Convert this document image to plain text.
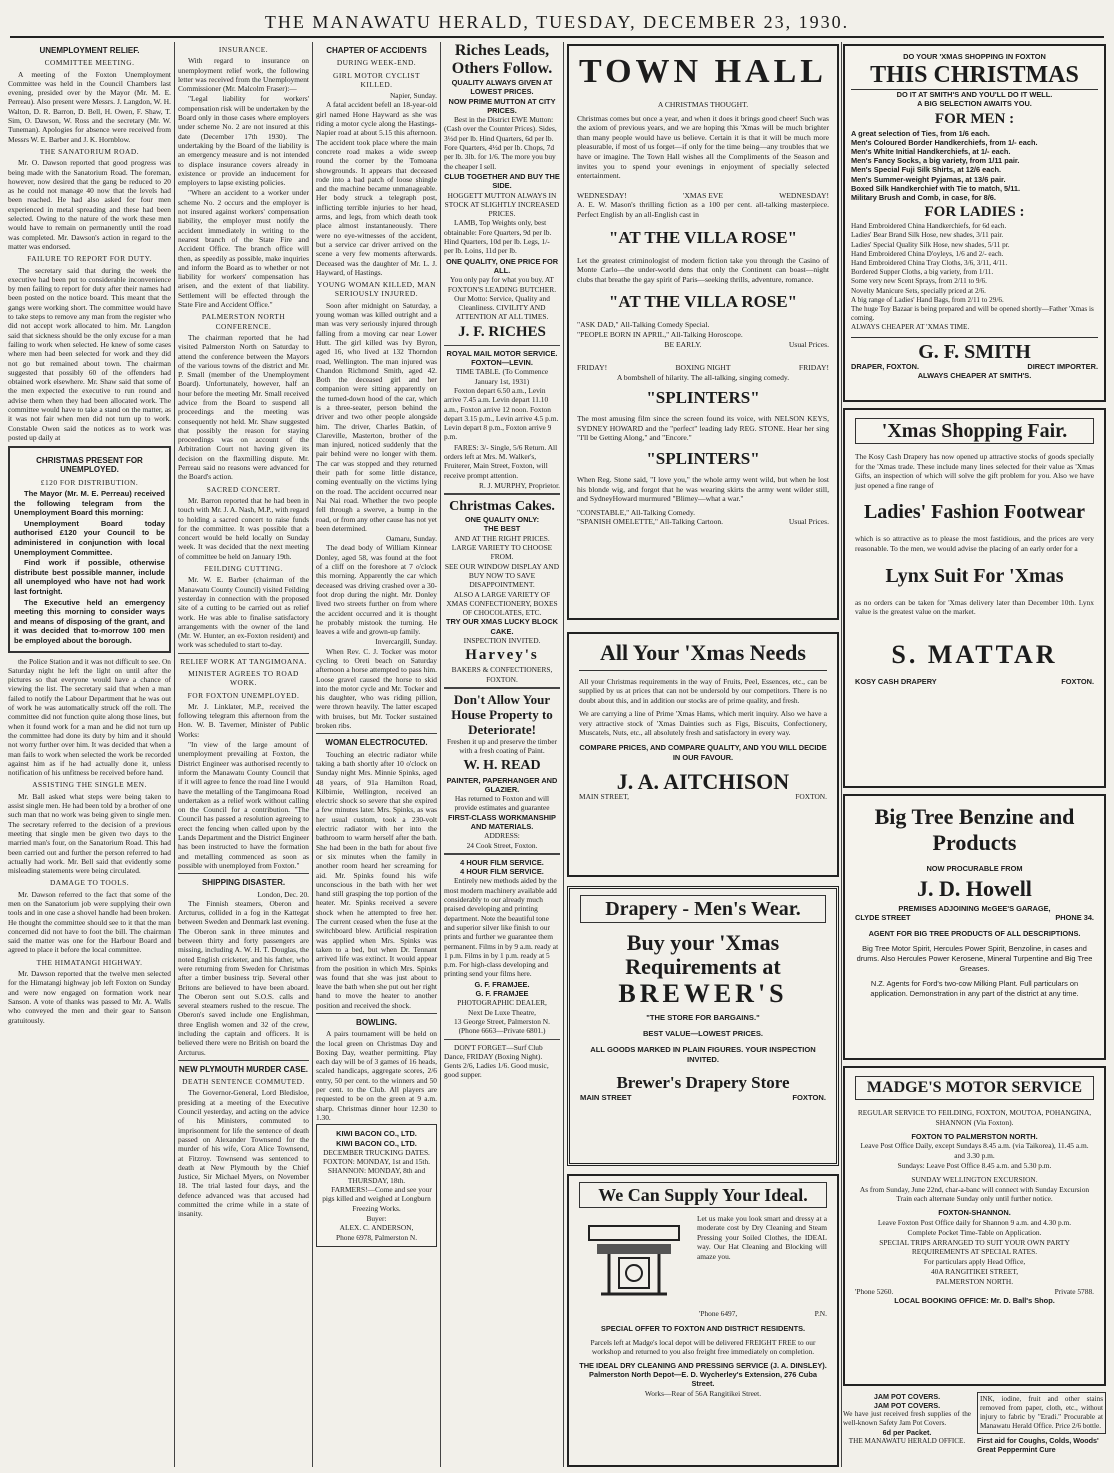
THE MANAWATU HERALD, TUESDAY, DECEMBER 23, 1930.
UNEMPLOYMENT RELIEF.
COMMITTEE MEETING.

A meeting of the Foxton Unemployment Committee was held in the Council Chambers last evening, presided over by the Mayor (Mr. M. E. Perreau). Also present were Messrs. J. Langdon, W. H. Walton, D. R. Barron, D. Bell, H. Owen, F. Shaw, T. Sim, O. Dawson, W. Ross and the secretary (Mr. W. Tuneman). Apologies for absence were received from Messrs W. E. Barber and J. K. Hornblow.

THE SANATORIUM ROAD.

Mr. O. Dawson reported that good progress was being made with the Sanatorium Road. The foreman, however, now desired that the gang be reduced to 20 as he could not manage 40 now that the levels had been reached. He had also asked for four men experienced in metal spreading and these had been selected. Owing to the nature of the work these men would have to remain on permanently until the road was completed. Mr. Dawson's action in regard to the matter was endorsed.

FAILURE TO REPORT FOR DUTY.

The secretary said that during the week the executive had been put to considerable inconvenience by men failing to report for duty after their names had been posted on the notice board. This meant that the gangs were working short. The committee would have to take steps to remove any man from the register who did not accept work allocated to him. Mr. Langdon said that sickness should be the only excuse for a man failing to work when selected. He knew of some cases where men had been selected for work and they did not go but remained about town. The chairman suggested that possibly 60 of the offenders had obtained work elsewhere. Mr. Shaw said that some of the men expected the executive to run round and advise them when they had been allocated work. The committee would have to take a stand on the matter, as it was not fair when men did not turn up to work. Constable Owen said the notices as to work was posted up daily at

CHRISTMAS PRESENT FOR UNEMPLOYED.
£120 FOR DISTRIBUTION.

The Mayor (Mr. M. E. Perreau) received the following telegram from the Unemployment Board this morning:

Unemployment Board today authorised £120 your Council to be administered in conjunction with local Unemployment Committee.

Find work if possible, otherwise distribute best possible manner, include all unemployed who have not had work last fortnight.

The Executive held an emergency meeting this morning to consider ways and means of disposing of the grant, and it was decided that to-morrow 100 men be employed about the borough.

the Police Station and it was not difficult to see. On Saturday night he left the light on until after the pictures so that everyone would have a chance of viewing the list. The secretary said that when a man failed to notify the Labour Department that he was out of work he was automatically struck off the roll. The committee did not function quite along those lines, but when it found work for a man and he did not turn up the committee had done its duty by him and it should not worry further over him. It was decided that when a man fails to work when selected the work be recorded against him as if he had actually done it, unless notification of his unfitness be received before hand.

ASSISTING THE SINGLE MEN.

Mr. Ball asked what steps were being taken to assist single men. He had been told by a brother of one such man that no work was being given to single men. The secretary referred to the decision of a previous meeting that single men be given two days to the married man's four, on the Sanatorium Road. This had been carried out and further the person referred to had actually had work. Mr. Bell said that evidently some misleading statements were being circulated.

DAMAGE TO TOOLS.

Mr. Dawson referred to the fact that some of the men on the Sanatorium job were supplying their own tools and in one case a shovel handle had been broken. He thought the committee should see to it that the man concerned did not have to foot the bill. The chairman said the matter was one for the Harbour Board and agreed to place it before the local committee.

THE HIMATANGI HIGHWAY.

Mr. Dawson reported that the twelve men selected for the Himatangi highway job left Foxton on Sunday and were now engaged on formation work near Sanson. A vote of thanks was passed to Mr. A. Walls who conveyed the men and their gear to Sanson gratuitously.

INSURANCE.

With regard to insurance on unemployment relief work, the following letter was received from the Unemployment Commissioner (Mr. Malcolm Fraser):—

"Legal liability for workers' compensation risk will be undertaken by the Board only in those cases where employers under scheme No. 2 are not insured at this date (December 17th 1930). The undertaking by the Board of the liability is an emergency measure and is not intended to displace insurance covers already in existence or provide an inducement for employers to lapse existing policies.

"Where an accident to a worker under scheme No. 2 occurs and the employer is not insured against workers' compensation liability, the employer must notify the accident immediately in writing to the nearest branch of the State Fire and Accident Office. The branch office will then, as speedily as possible, make inquiries and inform the Board as to whether or not liability for workers' compensation has arisen, and the extent of that liability. Settlement will be effected through the State Fire and Accident Office."

PALMERSTON NORTH CONFERENCE.

The chairman reported that he had visited Palmerston North on Saturday to attend the conference between the Mayors of the various towns of the district and Mr. P. Small (member of the Unemployment Board). Unfortunately, however, half an hour before the meeting Mr. Small received advice from the Board to suspend all proceedings and the meeting was consequently not held. Mr. Shaw suggested that possibly the reason for staying proceedings was on account of the Arbitration Court not having given its decision on the flaxmilling dispute. Mr. Perreau said no reasons were advanced for the Board's action.

SACRED CONCERT.

Mr. Barron reported that he had been in touch with Mr. J. A. Nash, M.P., with regard to holding a sacred concert to raise funds for the committee. It was possible that a concert would be held locally on Sunday week. It was decided that the next meeting of committee be held on January 19th.

FEILDING CUTTING.

Mr. W. E. Barber (chairman of the Manawatu County Council) visited Feilding yesterday in connection with the proposed site of a cutting to be carried out as relief work. He was able to finalise satisfactory arrangements with the owner of the land (Mr. W. Hunter, an ex-Foxton resident) and work was scheduled to start to-day.

RELIEF WORK AT TANGIMOANA.
MINISTER AGREES TO ROAD WORK.
FOR FOXTON UNEMPLOYED.

Mr. J. Linklater, M.P., received the following telegram this afternoon from the Hon. W. B. Taverner, Minister of Public Works:

"In view of the large amount of unemployment prevailing at Foxton, the District Engineer was authorised recently to inform the Manawatu County Council that if it will agree to fence the road line I would have the metalling of the Tangimoana Road undertaken as a relief work without calling on the Council for a contribution. "The Council has passed a resolution agreeing to erect the fencing when called upon by the Lands Department and the District Engineer has been instructed to have the formation and metalling commenced as soon as possible with unemployed from Foxton."

SHIPPING DISASTER.
London, Dec. 20.

The Finnish steamers, Oberon and Arcturus, collided in a fog in the Kattegat between Sweden and Denmark last evening. The Oberon sank in three minutes and between thirty and forty passengers are missing, including A. W. H. T. Douglas, the noted English cricketer, and his father, who were returning from Sweden for Christmas after a timber business trip. Several other Britons are believed to have been aboard. The Oberon sent out S.O.S. calls and several steamers rushed to the rescue. The Oberon's saved include one Englishman, three English women and 32 of the crew, including the captain and officers. It is believed there were no British on board the Arcturus.

NEW PLYMOUTH MURDER CASE.
DEATH SENTENCE COMMUTED.

The Governor-General, Lord Bledisloe, presiding at a meeting of the Executive Council yesterday, and acting on the advice of his Ministers, commuted to imprisonment for life the sentence of death passed on Alexander Townsend for the murder of his wife, Cora Alice Townsend, at Fitzroy. Townsend was sentenced to death at New Plymouth by the Chief Justice, Sir Michael Myers, on November 18. The trial lasted four days, and the defence advanced was that accused had committed the crime while in a state of insanity.

CHAPTER OF ACCIDENTS
DURING WEEK-END.
GIRL MOTOR CYCLIST KILLED.
Napier, Sunday.

A fatal accident befell an 18-year-old girl named Hone Hayward as she was riding a motor cycle along the Hastings-Napier road at about 5.15 this afternoon. The accident took place where the main concrete road makes a wide sweep round the corner by the Tomoana showgrounds. It appears that deceased rode into a bad patch of loose shingle and the machine became unmanageable. Her body struck a telegraph post, inflicting terrible injuries to her head, arms, and legs, from which death took place almost instantaneously. There were no eye-witnesses of the accident, but a service car driver arrived on the scene a very few moments afterwards. Deceased was the daughter of Mr. L. J. Hayward, of Hastings.

YOUNG WOMAN KILLED, MAN SERIOUSLY INJURED.

Soon after midnight on Saturday, a young woman was killed outright and a man was very seriously injured through falling from a moving car near Lower Hutt. The girl killed was Ivy Byron, aged 16, who lived at 132 Thorndon road, Wellington. The man injured was Chandon Richmond Smith, aged 42. Both the deceased girl and her companion were sitting apparently on the turned-down hood of the car, which is a three-seater, person behind the driver and two other people alongside him. The driver, Charles Batkin, of Clareville, Masterton, brother of the man injured, noticed suddenly that the pair behind were no longer with them. The car was stopped and they returned their path for some little distance, coming eventually on the victims lying on the road. The accident occurred near Nai Nai road. Whether the two people fell through a swerve, a bump in the road, or from any other cause has not yet been determined.

Oamaru, Sunday.

The dead body of William Kinnear Donley, aged 58, was found at the foot of a cliff on the foreshore at 7 o'clock this morning. Apparently the car which deceased was driving crashed over a 30-foot drop during the night. Mr. Donley lived two streets further on from where the accident occurred and it is thought he probably mistook the turning. He leaves a wife and grown-up family.

Invercargill, Sunday.

When Rev. C. J. Tocker was motor cycling to Oreti beach on Saturday afternoon a horse attempted to pass him. Loose gravel caused the horse to skid into the motor cycle and Mr. Tocker and his daughter, who was riding pillion, were thrown heavily. The latter escaped with bruises, but Mr. Tocker sustained broken ribs.

WOMAN ELECTROCUTED.

Touching an electric radiator while taking a bath shortly after 10 o'clock on Sunday night Mrs. Minnie Spinks, aged 48 years, of 91a Hamilton Road, Kilbirnie, Wellington, received an electric shock so severe that she expired a few minutes later. Mrs. Spinks, as was her usual custom, took a 230-volt electric radiator with her into the bathroom to warm herself after the bath. She had been in the bath for about five or six minutes when the family in another room heard her screaming for aid. Mr. Spinks found his wife unconscious in the bath with her wet hand still grasping the top portion of the heater. Mr. Spinks received a severe shock when he attempted to free her. The current ceased when the fuse at the switchboard blew. Artificial respiration was applied when Mrs. Spinks was taken to a bed, but when Dr. Tennant arrived life was extinct. It would appear from the position in which Mrs. Spinks was found that she was just about to leave the bath when she put out her right hand to move the heater to another position and received the shock.

BOWLING.

A pairs tournament will be held on the local green on Christmas Day and Boxing Day, weather permitting. Play each day will be of 3 games of 16 heads, scaled handicaps, aggregate scores, 2/6 entry, 50 per cent. to the winners and 50 per cent. to the Club. All players are requested to be on the green at 9 a.m. sharp. Christmas dinner hour 12.30 to 1.30.

KIWI BACON CO., LTD.
KIWI BACON CO., LTD.
DECEMBER TRUCKING DATES.
FOXTON: MONDAY, 1st and 15th.
SHANNON: MONDAY, 8th and THURSDAY, 18th.

FARMERS!—Come and see your pigs killed and weighed at Longburn Freezing Works.

Buyer:
ALEX. C. ANDERSON,
Phone 6978, Palmerston N.
Riches Leads, Others Follow.
QUALITY ALWAYS GIVEN AT LOWEST PRICES.
NOW PRIME MUTTON AT CITY PRICES.

Best in the District EWE Mutton: (Cash over the Counter Prices). Sides, 3½d per lb. Hind Quarters, 6d per lb. Fore Quarters, 4½d per lb. Chops, 7d per lb. 3lb. for 1/6. The more you buy the cheaper I sell.

CLUB TOGETHER AND BUY THE SIDE.
HOGGETT MUTTON ALWAYS IN STOCK AT SLIGHTLY INCREASED PRICES.

LAMB, Top Weights only, best obtainable: Fore Quarters, 9d per lb. Hind Quarters, 10d per lb. Legs, 1/- per lb. Loins, 11d per lb.

ONE QUALITY, ONE PRICE FOR ALL.
You only pay for what you buy. AT FOXTON'S LEADING BUTCHER. Our Motto: Service, Quality and Cleanliness. CIVILITY AND ATTENTION AT ALL TIMES.
J. F. RICHES
ROYAL MAIL MOTOR SERVICE.
FOXTON—LEVIN.
TIME TABLE. (To Commence January 1st, 1931)

Foxton depart 6.50 a.m., Levin arrive 7.45 a.m. Levin depart 11.10 a.m., Foxton arrive 12 noon. Foxton depart 3.15 p.m., Levin arrive 4.5 p.m. Levin depart 8 p.m., Foxton arrive 9 p.m.

FARES: 3/- Single, 5/6 Return. All orders left at Mrs. M. Walker's, Fruiterer, Main Street, Foxton, will receive prompt attention.

R. J. MURPHY, Proprietor.
Christmas Cakes.
ONE QUALITY ONLY:
THE BEST
AND AT THE RIGHT PRICES. LARGE VARIETY TO CHOOSE FROM.
SEE OUR WINDOW DISPLAY AND BUY NOW TO SAVE DISAPPOINTMENT.
ALSO A LARGE VARIETY OF XMAS CONFECTIONERY, BOXES OF CHOCOLATES, ETC.
TRY OUR XMAS LUCKY BLOCK CAKE.
INSPECTION INVITED.
Harvey's
BAKERS & CONFECTIONERS, FOXTON.
Don't Allow Your House Property to Deteriorate!
Freshen it up and preserve the timber with a fresh coating of Paint.
W. H. READ
PAINTER, PAPERHANGER AND GLAZIER.
Has returned to Foxton and will provide estimates and guarantee
FIRST-CLASS WORKMANSHIP AND MATERIALS.
ADDRESS:
24 Cook Street, Foxton.
4 HOUR FILM SERVICE.
4 HOUR FILM SERVICE.

Entirely new methods aided by the most modern machinery available add considerably to our already much praised developing and printing department. Note the beautiful tone and superior silver like finish to our prints and further we guarantee them permanent. Films in by 9 a.m. ready at 1 p.m. Films in by 1 p.m. ready at 5 p.m. For high-class developing and printing send your films here.

G. F. FRAMJEE.
G. F. FRAMJEE
PHOTOGRAPHIC DEALER,
Next De Luxe Theatre,
13 George Street, Palmerston N.
(Phone 6663—Private 6801.)

DON'T FORGET—Surf Club Dance, FRIDAY (Boxing Night). Gents 2/6, Ladies 1/6. Good music, good supper.

TOWN HALL
A CHRISTMAS THOUGHT.

Christmas comes but once a year, and when it does it brings good cheer! Such was the axiom of previous years, and we are hoping this 'Xmas will be much brighter than many people would have us believe. Certain it is that it will be much more pleasurable, if most of us forget—if only for the time being—any troubles that we have or imagine. The Town Hall wishes all the Compliments of the Season and invites you to spend your evenings in enjoyment of specially selected entertainment.

WEDNESDAY!	'XMAS EVE	WEDNESDAY!

A. E. W. Mason's thrilling fiction as a 100 per cent. all-talking masterpiece. Perfect English by an all-English cast in

"AT THE VILLA ROSE"

Let the greatest criminologist of modern fiction take you through the Casino of Monte Carlo—the under-world dens that only the Continent can boast—night clubs that breathe the gay spirit of Paris—seeking thrills, adventure, romance.

"AT THE VILLA ROSE"
"ASK DAD," All-Talking Comedy Special.
"PEOPLE BORN IN APRIL," All-Talking Horoscope.
BE EARLY.	Usual Prices.
FRIDAY!	BOXING NIGHT	FRIDAY!
A bombshell of hilarity. The all-talking, singing comedy.
"SPLINTERS"

The most amusing film since the screen found its voice, with NELSON KEYS, SYDNEY HOWARD and the "perfect" leading lady REG. STONE. Hear her sing "I'll be Getting Along," and "Encore."

"SPLINTERS"

When Reg. Stone said, "I love you," the whole army went wild, but when he lost his blonde wig, and forgot that he was wearing skirts the army went wilder still, and SydneyHoward murmured "Blimey—what a war."

"CONSTABLE," All-Talking Comedy.
"SPANISH OMELETTE," All-Talking Cartoon.	Usual Prices.
All Your 'Xmas Needs

All your Christmas requirements in the way of Fruits, Peel, Essences, etc., can be supplied by us at prices that can not be undersold by our competitors. There is no doubt about this, and in addition our stocks are of prime quality, and fresh.

We are carrying a line of Prime 'Xmas Hams, which merit inquiry. Also we have a very attractive stock of 'Xmas Dainties such as Figs, Biscuits, Confectionery, Muscatels, Nuts, etc., all absolutely fresh and satisfactory in every way.

COMPARE PRICES, AND COMPARE QUALITY, AND YOU WILL DECIDE IN OUR FAVOUR.
J. A. AITCHISON
MAIN STREET,	FOXTON.
Drapery - Men's Wear.
Buy your 'Xmas Requirements at
BREWER'S
"THE STORE FOR BARGAINS."
BEST VALUE—LOWEST PRICES.
ALL GOODS MARKED IN PLAIN FIGURES. YOUR INSPECTION INVITED.
Brewer's Drapery Store
MAIN STREET	FOXTON.
We Can Supply Your Ideal.

Let us make you look smart and dressy at a moderate cost by Dry Cleaning and Steam Pressing your Soiled Clothes, the IDEAL way. Our Hat Cleaning and Blocking will amaze you.

'Phone 6497,	P.N.
SPECIAL OFFER TO FOXTON AND DISTRICT RESIDENTS.

Parcels left at Madge's local depot will be delivered FREIGHT FREE to our workshop and returned to you also freight free immediately on completion.

THE IDEAL DRY CLEANING AND PRESSING SERVICE (J. A. DINSLEY).
Palmerston North Depot—E. D. Wycherley's Extension, 276 Cuba Street.
Works—Rear of 56A Rangitikei Street.
DO YOUR 'XMAS SHOPPING IN FOXTON
THIS CHRISTMAS
DO IT AT SMITH'S AND YOU'LL DO IT WELL.
A BIG SELECTION AWAITS YOU.
FOR MEN :
A great selection of Ties, from 1/6 each.
Men's Coloured Border Handkerchiefs, from 1/- each.
Men's White Initial Handkerchiefs, at 1/- each.
Men's Fancy Socks, a big variety, from 1/11 pair.
Men's Special Fuji Silk Shirts, at 12/6 each.
Men's Summer-weight Pyjamas, at 13/6 pair.
Boxed Silk Handkerchief with Tie to match, 5/11.
Military Brush and Comb, in case, for 8/6.
FOR LADIES :
Hand Embroidered China Handkerchiefs, for 6d each.
Ladies' Bear Brand Silk Hose, new shades, 3/11 pair.
Ladies' Special Quality Silk Hose, new shades, 5/11 pr.
Hand Embroidered China D'oyleys, 1/6 and 2/- each.
Hand Embroidered China Tray Cloths, 3/6, 3/11, 4/11.
Bordered Supper Cloths, a big variety, from 1/11.
Some very new Scent Sprays, from 2/11 to 9/6.
Novelty Manicure Sets, specially priced at 2/6.
A big range of Ladies' Hand Bags, from 2/11 to 29/6.
The huge Toy Bazaar is being prepared and will be opened shortly—Father 'Xmas is coming.
ALWAYS CHEAPER AT 'XMAS TIME.
G. F. SMITH
DRAPER, FOXTON.	DIRECT IMPORTER.
ALWAYS CHEAPER AT SMITH'S.
'Xmas Shopping Fair.

The Kosy Cash Drapery has now opened up attractive stocks of goods specially for the 'Xmas trade. These include many lines selected for their value as 'Xmas Gifts, an inspection of which will solve the gift problem for you. Also we have just opened a fine range of

Ladies' Fashion Footwear

which is so attractive as to please the most fastidious, and the prices are very reasonable. To the men, we would advise the placing of an early order for a

Lynx Suit For 'Xmas

as no orders can be taken for 'Xmas delivery later than December 10th. Lynx value is the greatest value on the market.

S. MATTAR
KOSY CASH DRAPERY	FOXTON.
Big Tree Benzine and Products
NOW PROCURABLE FROM
J. D. Howell
PREMISES ADJOINING McGEE'S GARAGE,
CLYDE STREET	PHONE 34.
AGENT FOR BIG TREE PRODUCTS OF ALL DESCRIPTIONS.

Big Tree Motor Spirit, Hercules Power Spirit, Benzoline, in cases and drums. Also Hercules Power Kerosene, Mineral Turpentine and Big Tree Greases.

N.Z. Agents for Ford's two-cow Milking Plant. Full particulars on application. Demonstration in any part of the district at any time.

MADGE'S MOTOR SERVICE
REGULAR SERVICE TO FEILDING, FOXTON, MOUTOA, POHANGINA, SHANNON (Via Foxton).
FOXTON TO PALMERSTON NORTH.
Leave Post Office Daily, except Sundays 8.45 a.m. (via Taikorea), 11.45 a.m. and 3.30 p.m.
Sundays: Leave Post Office 8.45 a.m. and 5.30 p.m.
SUNDAY WELLINGTON EXCURSION.
As from Sunday, June 22nd, char-a-banc will connect with Sunday Excursion Train each alternate Sunday only until further notice.
FOXTON-SHANNON.
Leave Foxton Post Office daily for Shannon 9 a.m. and 4.30 p.m.
Complete Pocket Time-Table on Application.
SPECIAL TRIPS ARRANGED TO SUIT YOUR OWN PARTY REQUIREMENTS AT SPECIAL RATES.
For particulars apply Head Office,
40A RANGITIKEI STREET,
PALMERSTON NORTH.
'Phone 5260.	Private 5788.
LOCAL BOOKING OFFICE: Mr. D. Ball's Shop.
JAM POT COVERS.
JAM POT COVERS.

We have just received fresh supplies of the well-known Safety Jam Pot Covers.

6d per Packet.
THE MANAWATU HERALD OFFICE.
INK, iodine, fruit and other stains removed from paper, cloth, etc., without injury to fabric by "Eradi." Procurable at Manawatu Herald Office. Price 2/6 bottle.
First aid for Coughs, Colds, Woods' Great Peppermint Cure
